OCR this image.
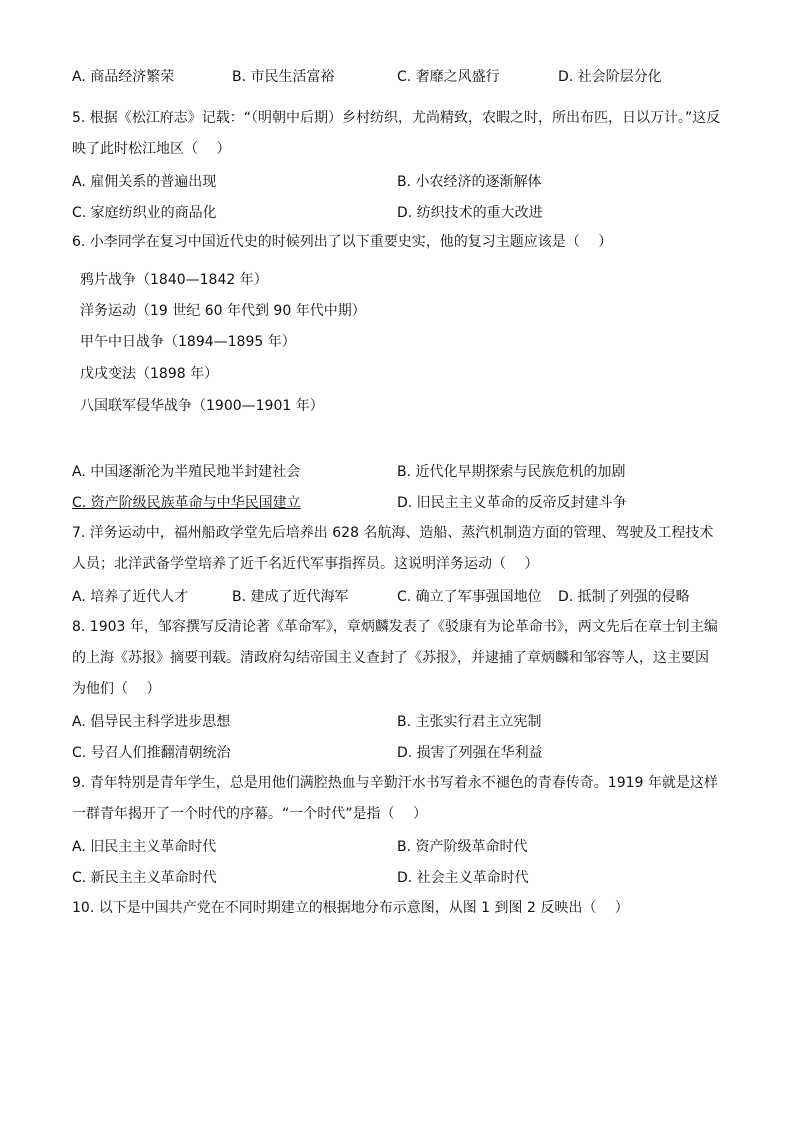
A. 商品经济繁荣	B. 市民生活富裕	C. 奢靡之风盛行	D. 社会阶层分化
5. 根据《松江府志》记载：“（明朝中后期）乡村纺织，尤尚精致，农暇之时，所出布匹，日以万计。”这反映了此时松江地区（　 ）
A. 雇佣关系的普遍出现	B. 小农经济的逐渐解体
C. 家庭纺织业的商品化	D. 纺织技术的重大改进
6. 小李同学在复习中国近代史的时候列出了以下重要史实，他的复习主题应该是（　 ）
鸦片战争（1840—1842 年）
洋务运动（19 世纪 60 年代到 90 年代中期）
甲午中日战争（1894—1895 年）
戊戌变法（1898 年）
八国联军侵华战争（1900—1901 年）
A. 中国逐渐沦为半殖民地半封建社会	B. 近代化早期探索与民族危机的加剧
C. 资产阶级民族革命与中华民国建立	D. 旧民主主义革命的反帝反封建斗争
7. 洋务运动中，福州船政学堂先后培养出 628 名航海、造船、蒸汽机制造方面的管理、驾驶及工程技术人员；北洋武备学堂培养了近千名近代军事指挥员。这说明洋务运动（　 ）
A. 培养了近代人才	B. 建成了近代海军	C. 确立了军事强国地位 D. 抵制了列强的侵略
8. 1903 年，邹容撰写反清论著《革命军》，章炳麟发表了《驳康有为论革命书》，两文先后在章士钊主编的上海《苏报》摘要刊载。清政府勾结帝国主义查封了《苏报》，并逮捕了章炳麟和邹容等人，这主要因为他们（　 ）
A. 倡导民主科学进步思想	B. 主张实行君主立宪制
C. 号召人们推翻清朝统治	D. 损害了列强在华利益
9. 青年特别是青年学生，总是用他们满腔热血与辛勤汗水书写着永不褪色的青春传奇。1919 年就是这样一群青年揭开了一个时代的序幕。“一个时代”是指（　 ）
A. 旧民主主义革命时代	B. 资产阶级革命时代
C. 新民主主义革命时代	D. 社会主义革命时代
10. 以下是中国共产党在不同时期建立的根据地分布示意图，从图 1 到图 2 反映出（　 ）
